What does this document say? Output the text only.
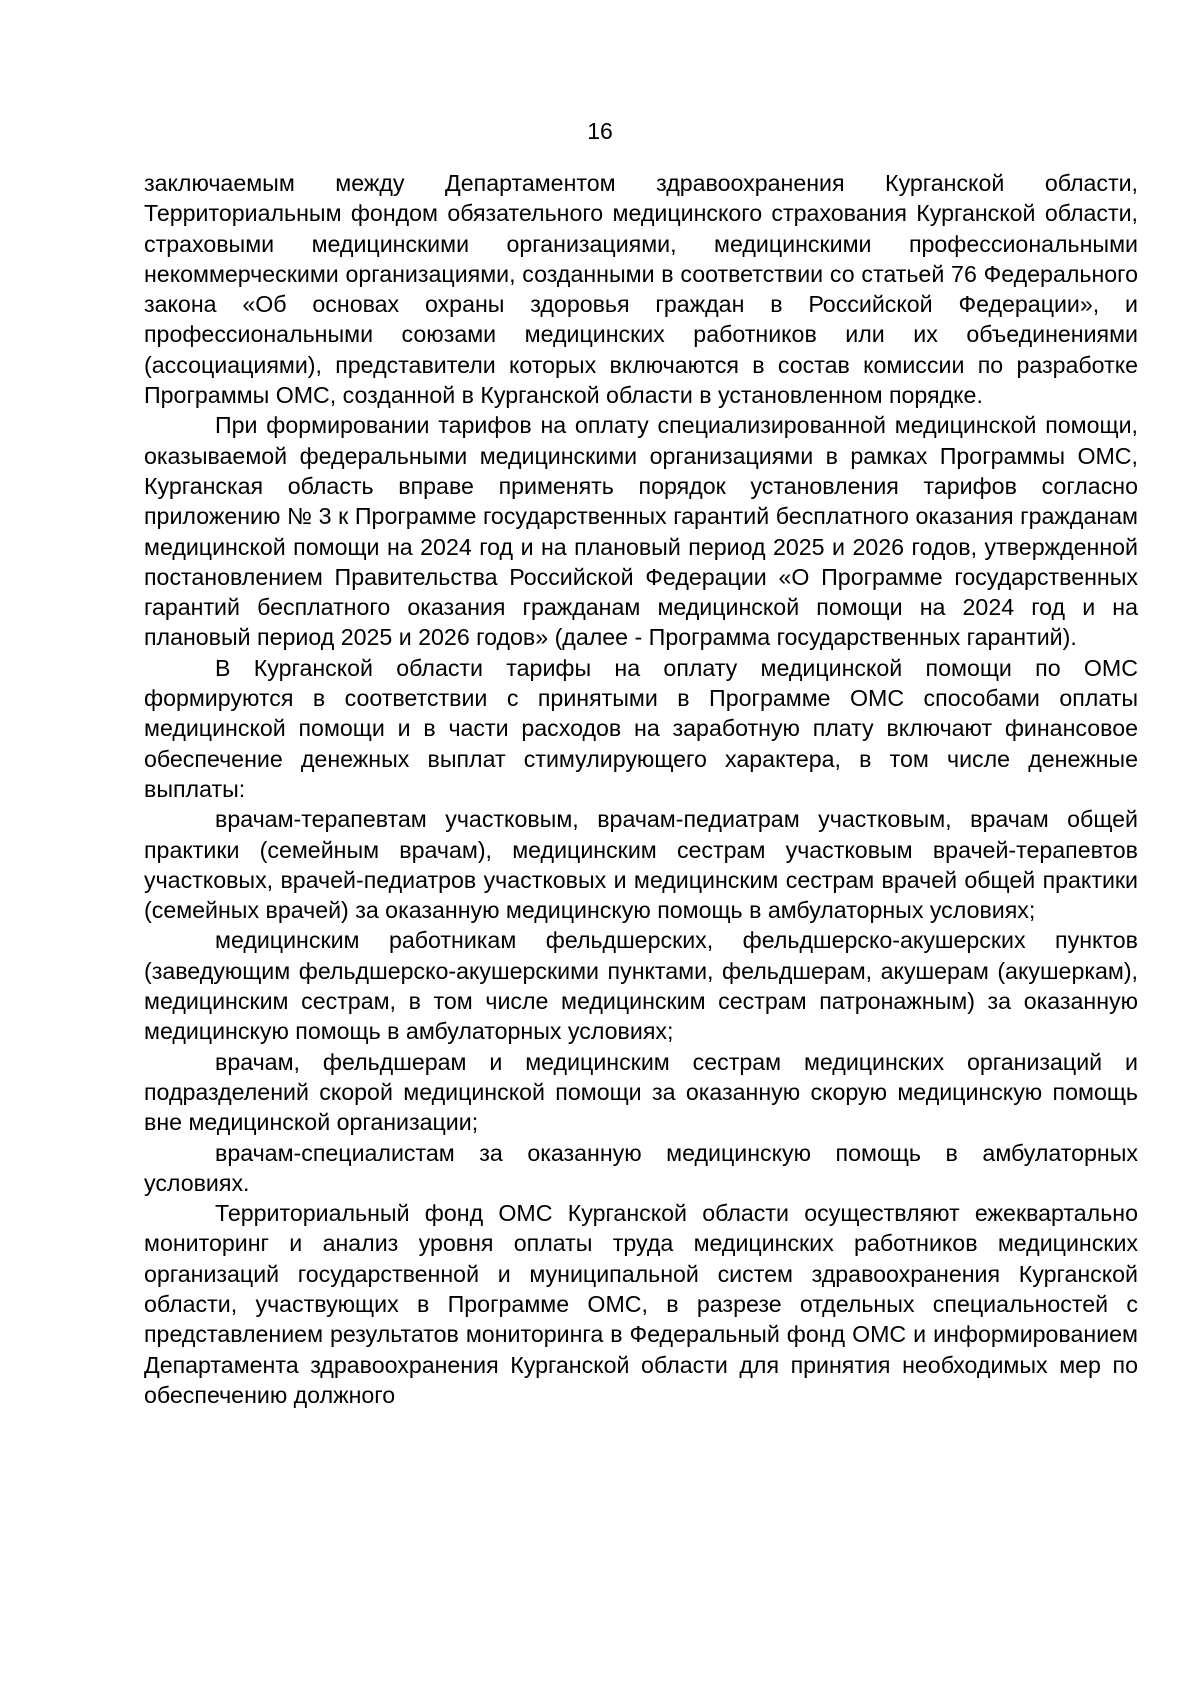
16

заключаемым между Департаментом здравоохранения Курганской области, Территориальным фондом обязательного медицинского страхования Курганской области, страховыми медицинскими организациями, медицинскими профессиональными некоммерческими организациями, созданными в соответствии со статьей 76 Федерального закона «Об основах охраны здоровья граждан в Российской Федерации», и профессиональными союзами медицинских работников или их объединениями (ассоциациями), представители которых включаются в состав комиссии по разработке Программы ОМС, созданной в Курганской области в установленном порядке.

При формировании тарифов на оплату специализированной медицинской помощи, оказываемой федеральными медицинскими организациями в рамках Программы ОМС, Курганская область вправе применять порядок установления тарифов согласно приложению № 3 к Программе государственных гарантий бесплатного оказания гражданам медицинской помощи на 2024 год и на плановый период 2025 и 2026 годов, утвержденной постановлением Правительства Российской Федерации «О Программе государственных гарантий бесплатного оказания гражданам медицинской помощи на 2024 год и на плановый период 2025 и 2026 годов» (далее - Программа государственных гарантий).

В Курганской области тарифы на оплату медицинской помощи по ОМС формируются в соответствии с принятыми в Программе ОМС способами оплаты медицинской помощи и в части расходов на заработную плату включают финансовое обеспечение денежных выплат стимулирующего характера, в том числе денежные выплаты:

врачам-терапевтам участковым, врачам-педиатрам участковым, врачам общей практики (семейным врачам), медицинским сестрам участковым врачей-терапевтов участковых, врачей-педиатров участковых и медицинским сестрам врачей общей практики (семейных врачей) за оказанную медицинскую помощь в амбулаторных условиях;

медицинским работникам фельдшерских, фельдшерско-акушерских пунктов (заведующим фельдшерско-акушерскими пунктами, фельдшерам, акушерам (акушеркам), медицинским сестрам, в том числе медицинским сестрам патронажным) за оказанную медицинскую помощь в амбулаторных условиях;

врачам, фельдшерам и медицинским сестрам медицинских организаций и подразделений скорой медицинской помощи за оказанную скорую медицинскую помощь вне медицинской организации;

врачам-специалистам за оказанную медицинскую помощь в амбулаторных условиях.

Территориальный фонд ОМС Курганской области осуществляют ежеквартально мониторинг и анализ уровня оплаты труда медицинских работников медицинских организаций государственной и муниципальной систем здравоохранения Курганской области, участвующих в Программе ОМС, в разрезе отдельных специальностей с представлением результатов мониторинга в Федеральный фонд ОМС и информированием Департамента здравоохранения Курганской области для принятия необходимых мер по обеспечению должного
